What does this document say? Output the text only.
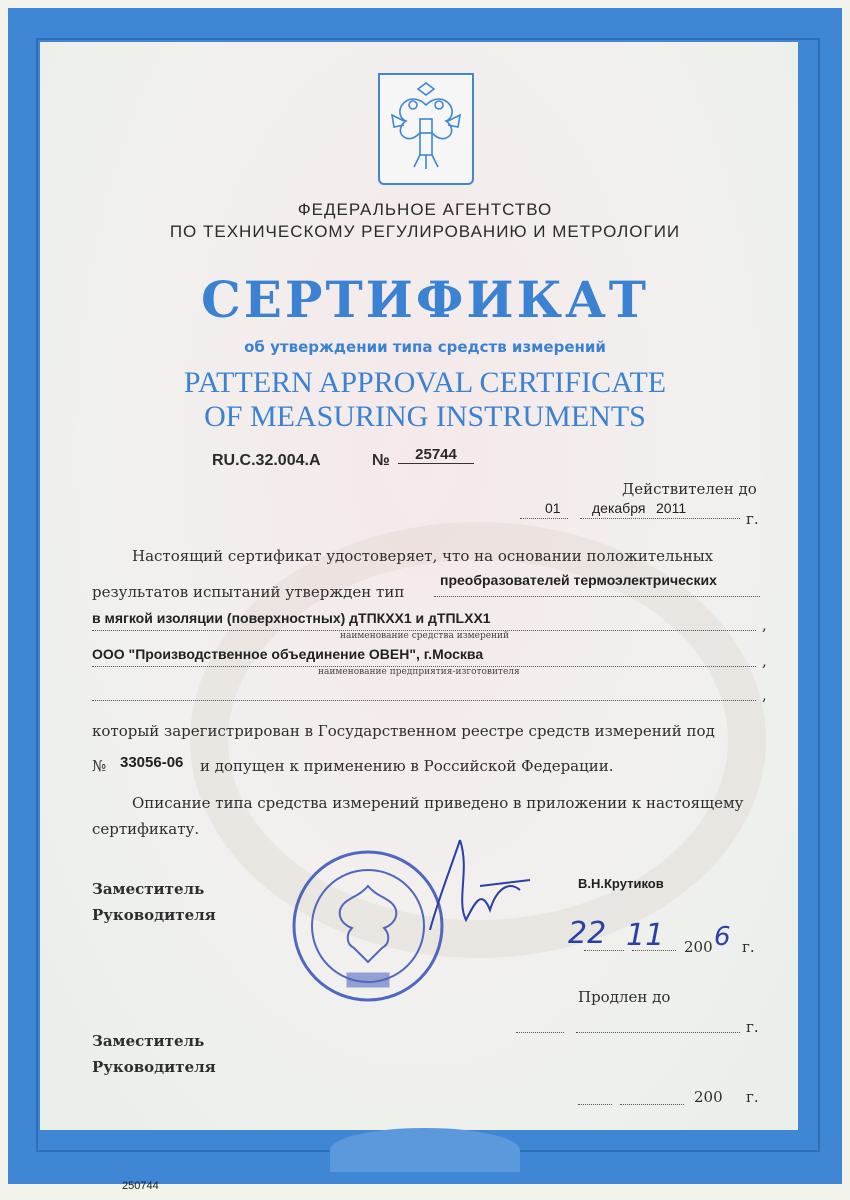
ФЕДЕРАЛЬНОЕ АГЕНТСТВО
ПО ТЕХНИЧЕСКОМУ РЕГУЛИРОВАНИЮ И МЕТРОЛОГИИ
СЕРТИФИКАТ
об утверждении типа средств измерений
PATTERN APPROVAL CERTIFICATE
OF MEASURING INSTRUMENTS
RU.C.32.004.A	№	25744
Действителен до
01 декабря 2011
г.
Настоящий сертификат удостоверяет, что на основании положительных
результатов испытаний утвержден тип
преобразователей термоэлектрических
в мягкой изоляции (поверхностных) дТПКХХ1 и дТПLХХ1	,
наименование средства измерений
ООО "Производственное объединение ОВЕН", г.Москва	,
наименование предприятия-изготовителя
,
который зарегистрирован в Государственном реестре средств измерений под
№ 33056-06 и допущен к применению в Российской Федерации.
Описание типа средства измерений приведено в приложении к настоящему
сертификату.
Заместитель
Руководителя
В.Н.Крутиков
22 11 200 6 г.
Продлен до
г.
Заместитель
Руководителя
200 г.
250744
